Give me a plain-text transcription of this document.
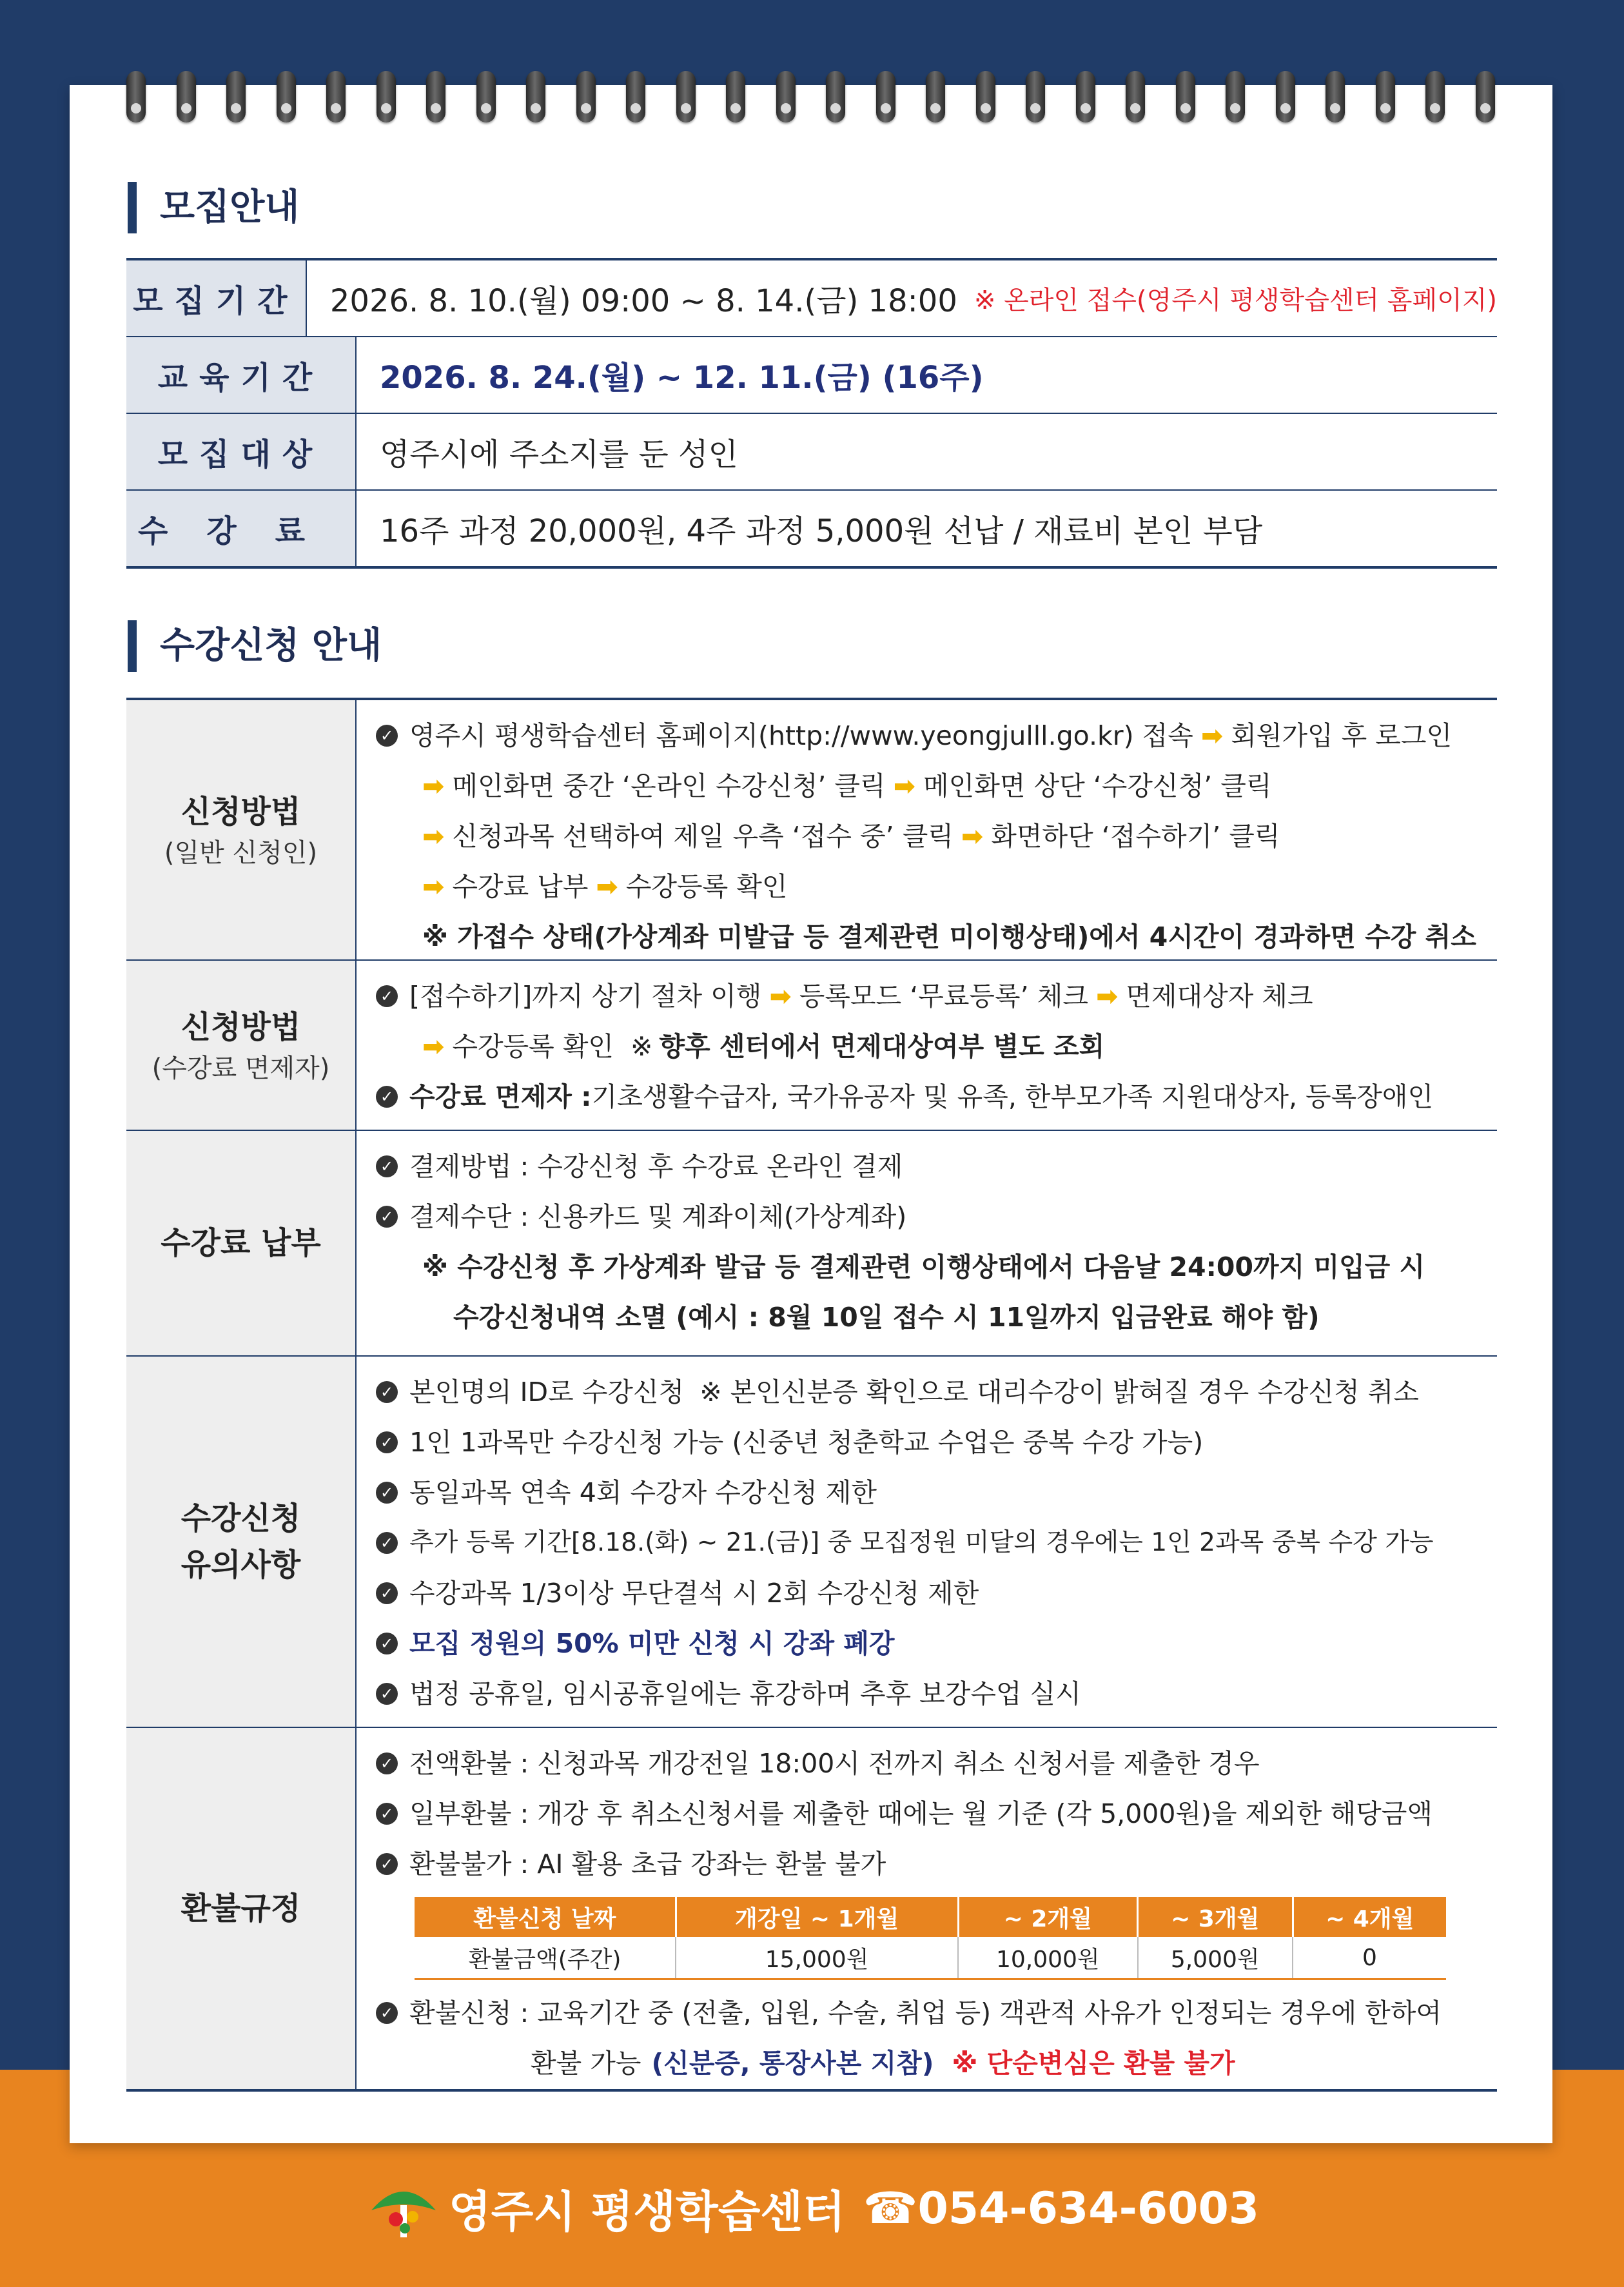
모집안내
모집기간 2026. 8. 10.(월) 09:00 ~ 8. 14.(금) 18:00 ※ 온라인 접수(영주시 평생학습센터 홈페이지)
교육기간	2026. 8. 24.(월) ~ 12. 11.(금) (16주)
모집대상	영주시에 주소지를 둔 성인
수강료	16주 과정 20,000원, 4주 과정 5,000원 선납 / 재료비 본인 부담
수강신청 안내
신청방법
(일반 신청인)
✓ 영주시 평생학습센터 홈페이지(http://www.yeongjulll.go.kr) 접속 ➡ 회원가입 후 로그인
➡ 메인화면 중간 ‘온라인 수강신청’ 클릭 ➡ 메인화면 상단 ‘수강신청’ 클릭
➡ 신청과목 선택하여 제일 우측 ‘접수 중’ 클릭 ➡ 화면하단 ‘접수하기’ 클릭
➡ 수강료 납부 ➡ 수강등록 확인
※ 가접수 상태(가상계좌 미발급 등 결제관련 미이행상태)에서 4시간이 경과하면 수강 취소
신청방법
(수강료 면제자)
✓ [접수하기]까지 상기 절차 이행 ➡ 등록모드 ‘무료등록’ 체크 ➡ 면제대상자 체크
➡ 수강등록 확인 ※ 향후 센터에서 면제대상여부 별도 조회
✓ 수강료 면제자 : 기초생활수급자, 국가유공자 및 유족, 한부모가족 지원대상자, 등록장애인
수강료 납부
✓ 결제방법 : 수강신청 후 수강료 온라인 결제
✓ 결제수단 : 신용카드 및 계좌이체(가상계좌)
※ 수강신청 후 가상계좌 발급 등 결제관련 이행상태에서 다음날 24:00까지 미입금 시
수강신청내역 소멸 (예시 : 8월 10일 접수 시 11일까지 입금완료 해야 함)
수강신청
유의사항
✓ 본인명의 ID로 수강신청 ※ 본인신분증 확인으로 대리수강이 밝혀질 경우 수강신청 취소
✓ 1인 1과목만 수강신청 가능 (신중년 청춘학교 수업은 중복 수강 가능)
✓ 동일과목 연속 4회 수강자 수강신청 제한
✓ 추가 등록 기간[8.18.(화) ~ 21.(금)] 중 모집정원 미달의 경우에는 1인 2과목 중복 수강 가능
✓ 수강과목 1/3이상 무단결석 시 2회 수강신청 제한
✓ 모집 정원의 50% 미만 신청 시 강좌 폐강
✓ 법정 공휴일, 임시공휴일에는 휴강하며 추후 보강수업 실시
환불규정
✓ 전액환불 : 신청과목 개강전일 18:00시 전까지 취소 신청서를 제출한 경우
✓ 일부환불 : 개강 후 취소신청서를 제출한 때에는 월 기준 (각 5,000원)을 제외한 해당금액
✓ 환불불가 : AI 활용 초급 강좌는 환불 불가
환불신청 날짜	개강일 ~ 1개월	~ 2개월	~ 3개월	~ 4개월
환불금액(주간)	15,000원	10,000원	5,000원	0
✓ 환불신청 : 교육기간 중 (전출, 입원, 수술, 취업 등) 객관적 사유가 인정되는 경우에 한하여
환불 가능 (신분증, 통장사본 지참) ※ 단순변심은 환불 불가
영주시 평생학습센터 ☎054-634-6003
